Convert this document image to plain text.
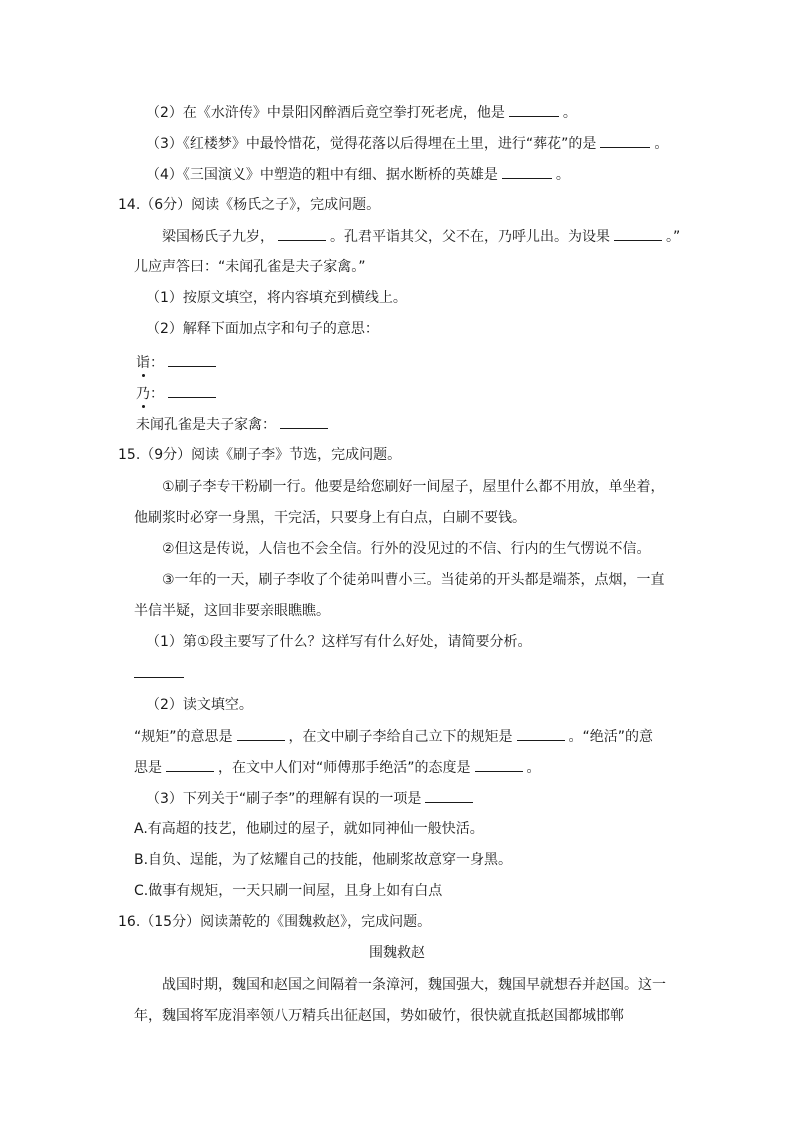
（2）在《水浒传》中景阳冈醉酒后竟空拳打死老虎，他是	。
（3）《红楼梦》中最怜惜花，觉得花落以后得埋在土里，进行“葬花”的是	。
（4）《三国演义》中塑造的粗中有细、据水断桥的英雄是	。
14.（6分）阅读《杨氏之子》，完成问题。
梁国杨氏子九岁，	。孔君平诣其父，父不在，乃呼儿出。为设果	。”
儿应声答曰：“未闻孔雀是夫子家禽。”
（1）按原文填空，将内容填充到横线上。
（2）解释下面加点字和句子的意思：
诣：
乃：
未闻孔雀是夫子家禽：
15.（9分）阅读《刷子李》节选，完成问题。
①刷子李专干粉刷一行。他要是给您刷好一间屋子，屋里什么都不用放，单坐着，
他刷浆时必穿一身黑，干完活，只要身上有白点，白刷不要钱。
②但这是传说，人信也不会全信。行外的没见过的不信、行内的生气愣说不信。
③一年的一天，刷子李收了个徒弟叫曹小三。当徒弟的开头都是端茶，点烟，一直
半信半疑，这回非要亲眼瞧瞧。
（1）第①段主要写了什么？这样写有什么好处，请简要分析。
（2）读文填空。
“规矩”的意思是	，在文中刷子李给自己立下的规矩是	。“绝活”的意
思是	，在文中人们对“师傅那手绝活”的态度是	。
（3）下列关于“刷子李”的理解有误的一项是
A.有高超的技艺，他刷过的屋子，就如同神仙一般快活。
B.自负、逞能，为了炫耀自己的技能，他刷浆故意穿一身黑。
C.做事有规矩，一天只刷一间屋，且身上如有白点
16.（15分）阅读萧乾的《围魏救赵》，完成问题。
围魏救赵
战国时期，魏国和赵国之间隔着一条漳河，魏国强大，魏国早就想吞并赵国。这一
年，魏国将军庞涓率领八万精兵出征赵国，势如破竹，很快就直抵赵国都城邯郸
